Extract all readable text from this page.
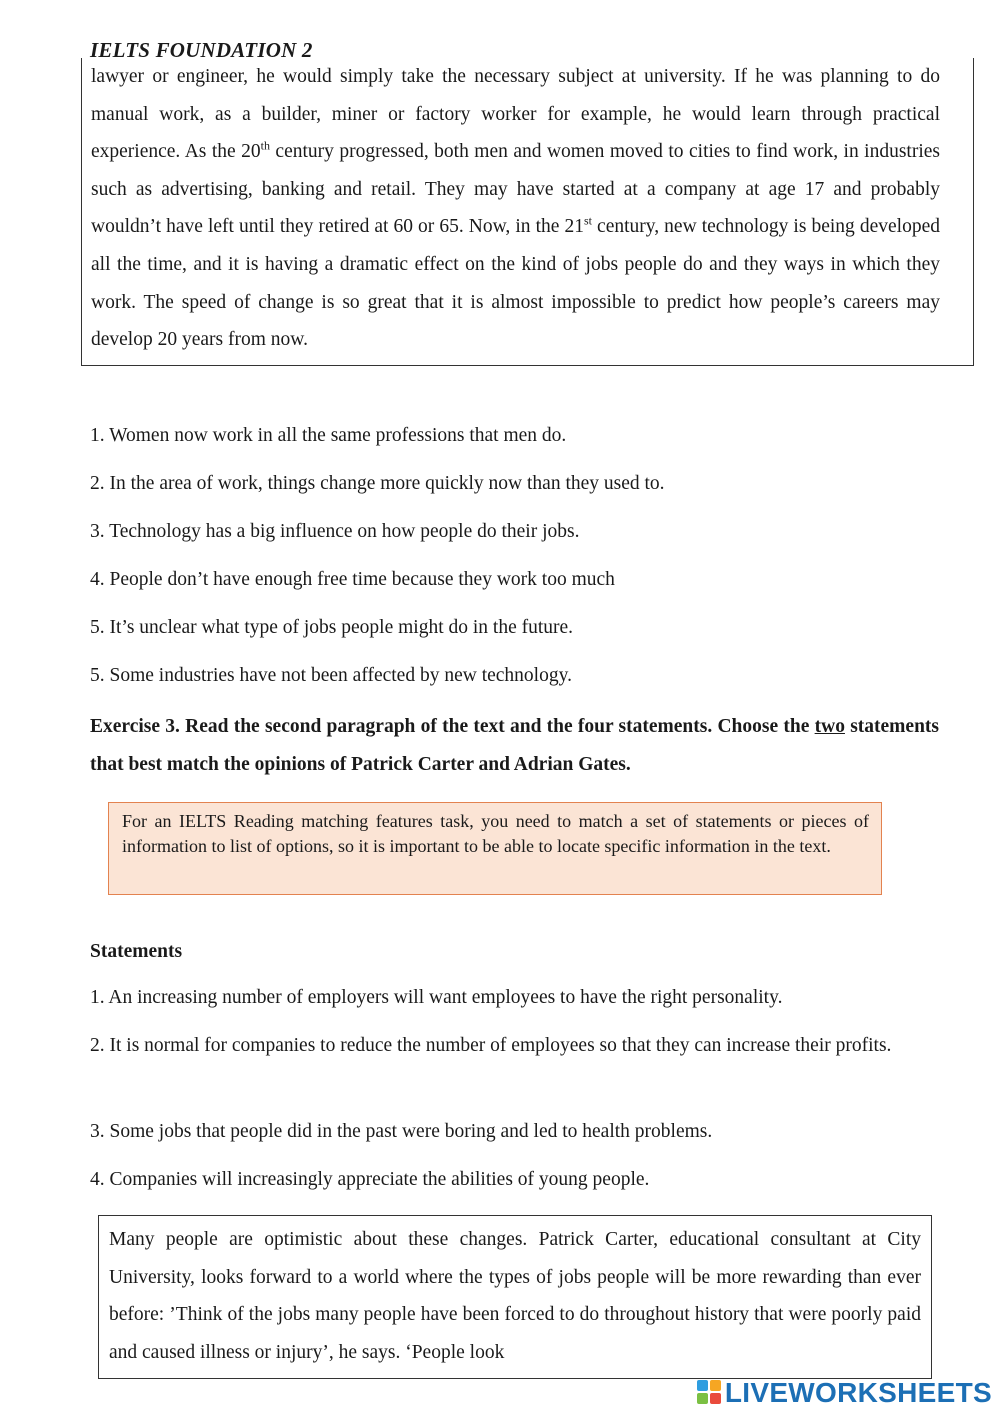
IELTS FOUNDATION 2

lawyer or engineer, he would simply take the necessary subject at university. If he was planning to do manual work, as a builder, miner or factory worker for example, he would learn through practical experience. As the 20th century progressed, both men and women moved to cities to find work, in industries such as advertising, banking and retail. They may have started at a company at age 17 and probably wouldn’t have left until they retired at 60 or 65. Now, in the 21st century, new technology is being developed all the time, and it is having a dramatic effect on the kind of jobs people do and they ways in which they work. The speed of change is so great that it is almost impossible to predict how people’s careers may develop 20 years from now.

1. Women now work in all the same professions that men do.
2. In the area of work, things change more quickly now than they used to.
3. Technology has a big influence on how people do their jobs.
4. People don’t have enough free time because they work too much
5. It’s unclear what type of jobs people might do in the future.
5. Some industries have not been affected by new technology.

Exercise 3. Read the second paragraph of the text and the four statements. Choose the two statements that best match the opinions of Patrick Carter and Adrian Gates.

For an IELTS Reading matching features task, you need to match a set of statements or pieces of information to list of options, so it is important to be able to locate specific information in the text.

Statements
1. An increasing number of employers will want employees to have the right personality.
2. It is normal for companies to reduce the number of employees so that they can increase their profits.
3. Some jobs that people did in the past were boring and led to health problems.
4. Companies will increasingly appreciate the abilities of young people.

Many people are optimistic about these changes. Patrick Carter, educational consultant at City University, looks forward to a world where the types of jobs people will be more rewarding than ever before: ’Think of the jobs many people have been forced to do throughout history that were poorly paid and caused illness or injury’, he says. ‘People look

LIVEWORKSHEETS
